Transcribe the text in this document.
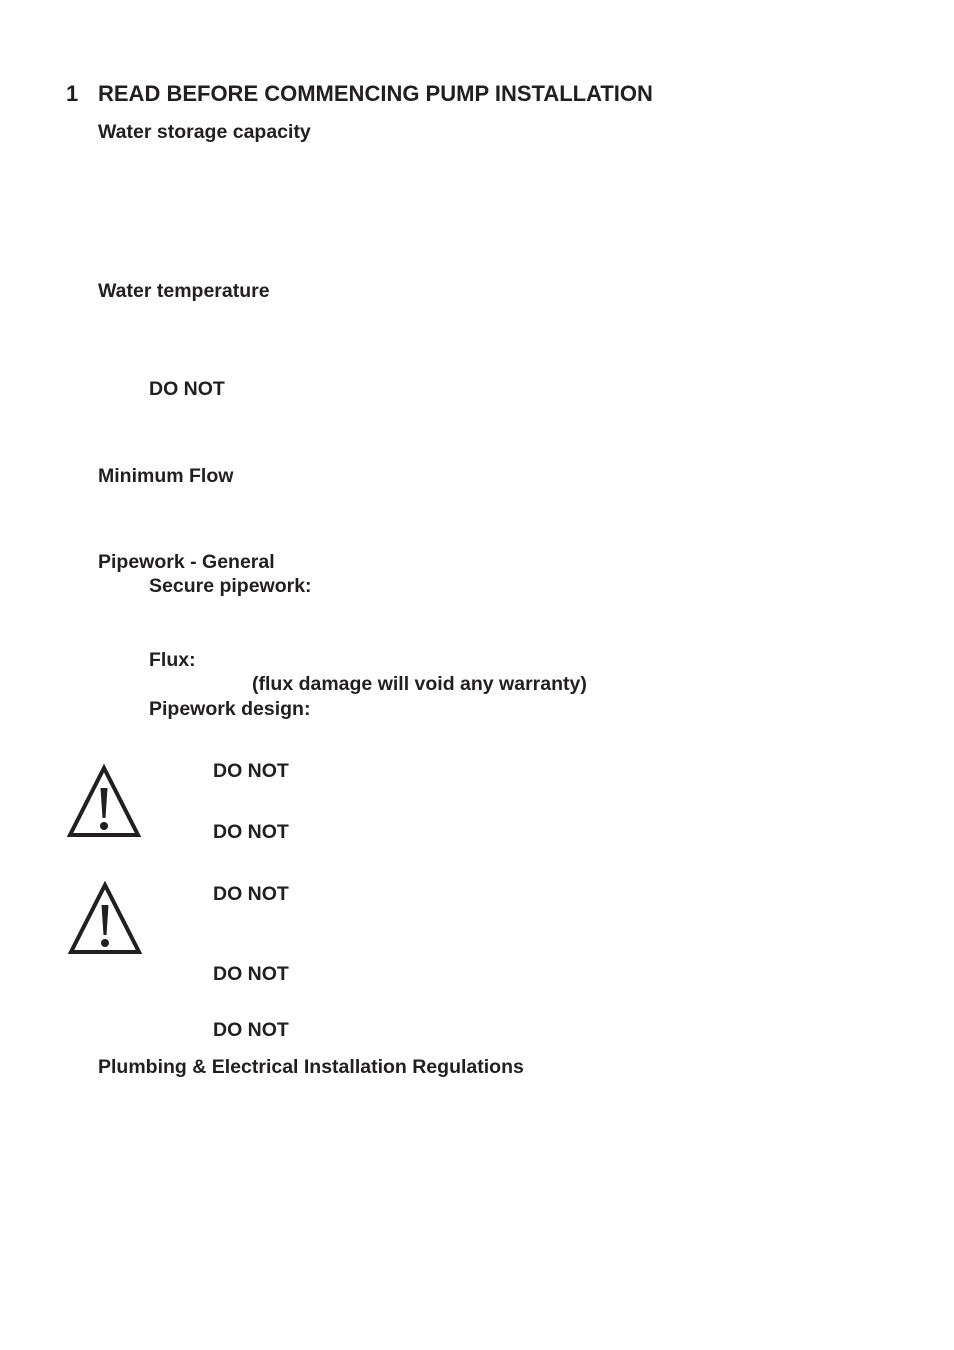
1 READ BEFORE COMMENCING PUMP INSTALLATION
Water storage capacity
Water temperature
DO NOT
Minimum Flow
Pipework - General
Secure pipework:
Flux:
(flux damage will void any warranty)
Pipework design:
DO NOT
DO NOT
DO NOT
DO NOT
DO NOT
Plumbing & Electrical Installation Regulations
